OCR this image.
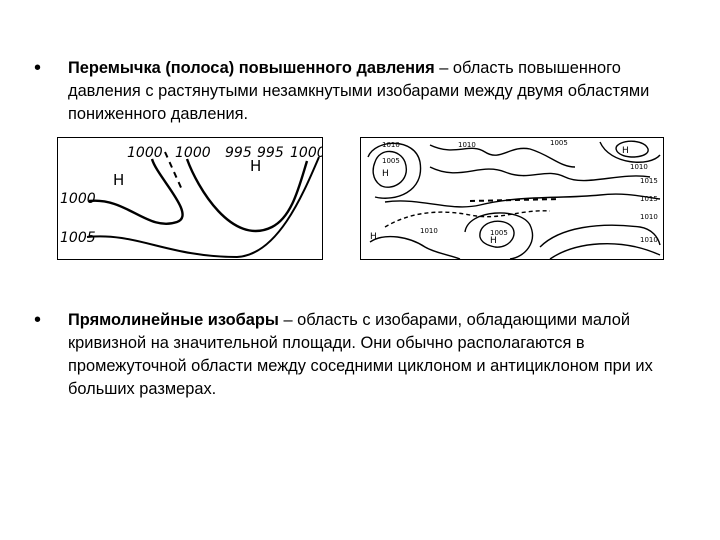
• Перемычка (полоса) повышенного давления – область повышенного давления с растянутыми незамкнутыми изобарами между двумя областями пониженного давления.
1000 1000 995 995 1000
1000
1005
Н
Н
1010	1010
1005
1005
1010
1015
1015
1010
1005
1010
1010
Н
Н
Н
Н
• Прямолинейные изобары – область с изобарами, обладающими малой кривизной на значительной площади. Они обычно располагаются в промежуточной области между соседними циклоном и антициклоном при их больших размерах.
